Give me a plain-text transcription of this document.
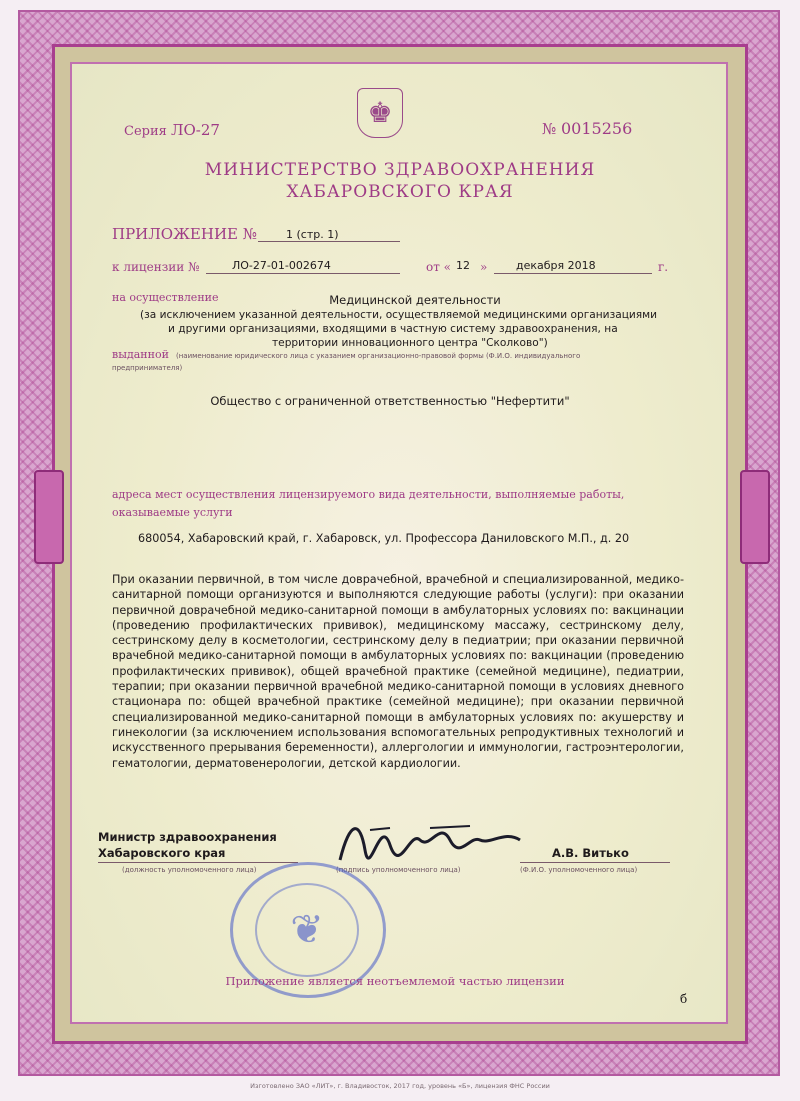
♚
Серия ЛО-27	№ 0015256
МИНИСТЕРСТВО ЗДРАВООХРАНЕНИЯ
ХАБАРОВСКОГО КРАЯ
ПРИЛОЖЕНИЕ №	1 (стр. 1)
к лицензии №	ЛО-27-01-002674	от « 12 »	декабря 2018	г.
на осуществление	Медицинской деятельности
(за исключением указанной деятельности, осуществляемой медицинскими организациями
и другими организациями, входящими в частную систему здравоохранения, на
территории инновационного центра "Сколково")
выданной (наименование юридического лица с указанием организационно-правовой формы (Ф.И.О. индивидуального
предпринимателя)
Общество с ограниченной ответственностью "Нефертити"
адреса мест осуществления лицензируемого вида деятельности, выполняемые работы,
оказываемые услуги
680054, Хабаровский край, г. Хабаровск, ул. Профессора Даниловского М.П., д. 20
При оказании первичной, в том числе доврачебной, врачебной и специализированной, медико-санитарной помощи организуются и выполняются следующие работы (услуги): при оказании первичной доврачебной медико-санитарной помощи в амбулаторных условиях по: вакцинации (проведению профилактических прививок), медицинскому массажу, сестринскому делу, сестринскому делу в косметологии, сестринскому делу в педиатрии; при оказании первичной врачебной медико-санитарной помощи в амбулаторных условиях по: вакцинации (проведению профилактических прививок), общей врачебной практике (семейной медицине), педиатрии, терапии; при оказании первичной врачебной медико-санитарной помощи в условиях дневного стационара по: общей врачебной практике (семейной медицине); при оказании первичной специализированной медико-санитарной помощи в амбулаторных условиях по: акушерству и гинекологии (за исключением использования вспомогательных репродуктивных технологий и искусственного прерывания беременности), аллергологии и иммунологии, гастроэнтерологии, гематологии, дерматовенерологии, детской кардиологии.
Министр здравоохранения
Хабаровского края	А.В. Витько
(должность уполномоченного лица)	(подпись уполномоченного лица)	(Ф.И.О. уполномоченного лица)
❦
Приложение является неотъемлемой частью лицензии
б
Изготовлено ЗАО «ЛИТ», г. Владивосток, 2017 год, уровень «Б», лицензия ФНС России
